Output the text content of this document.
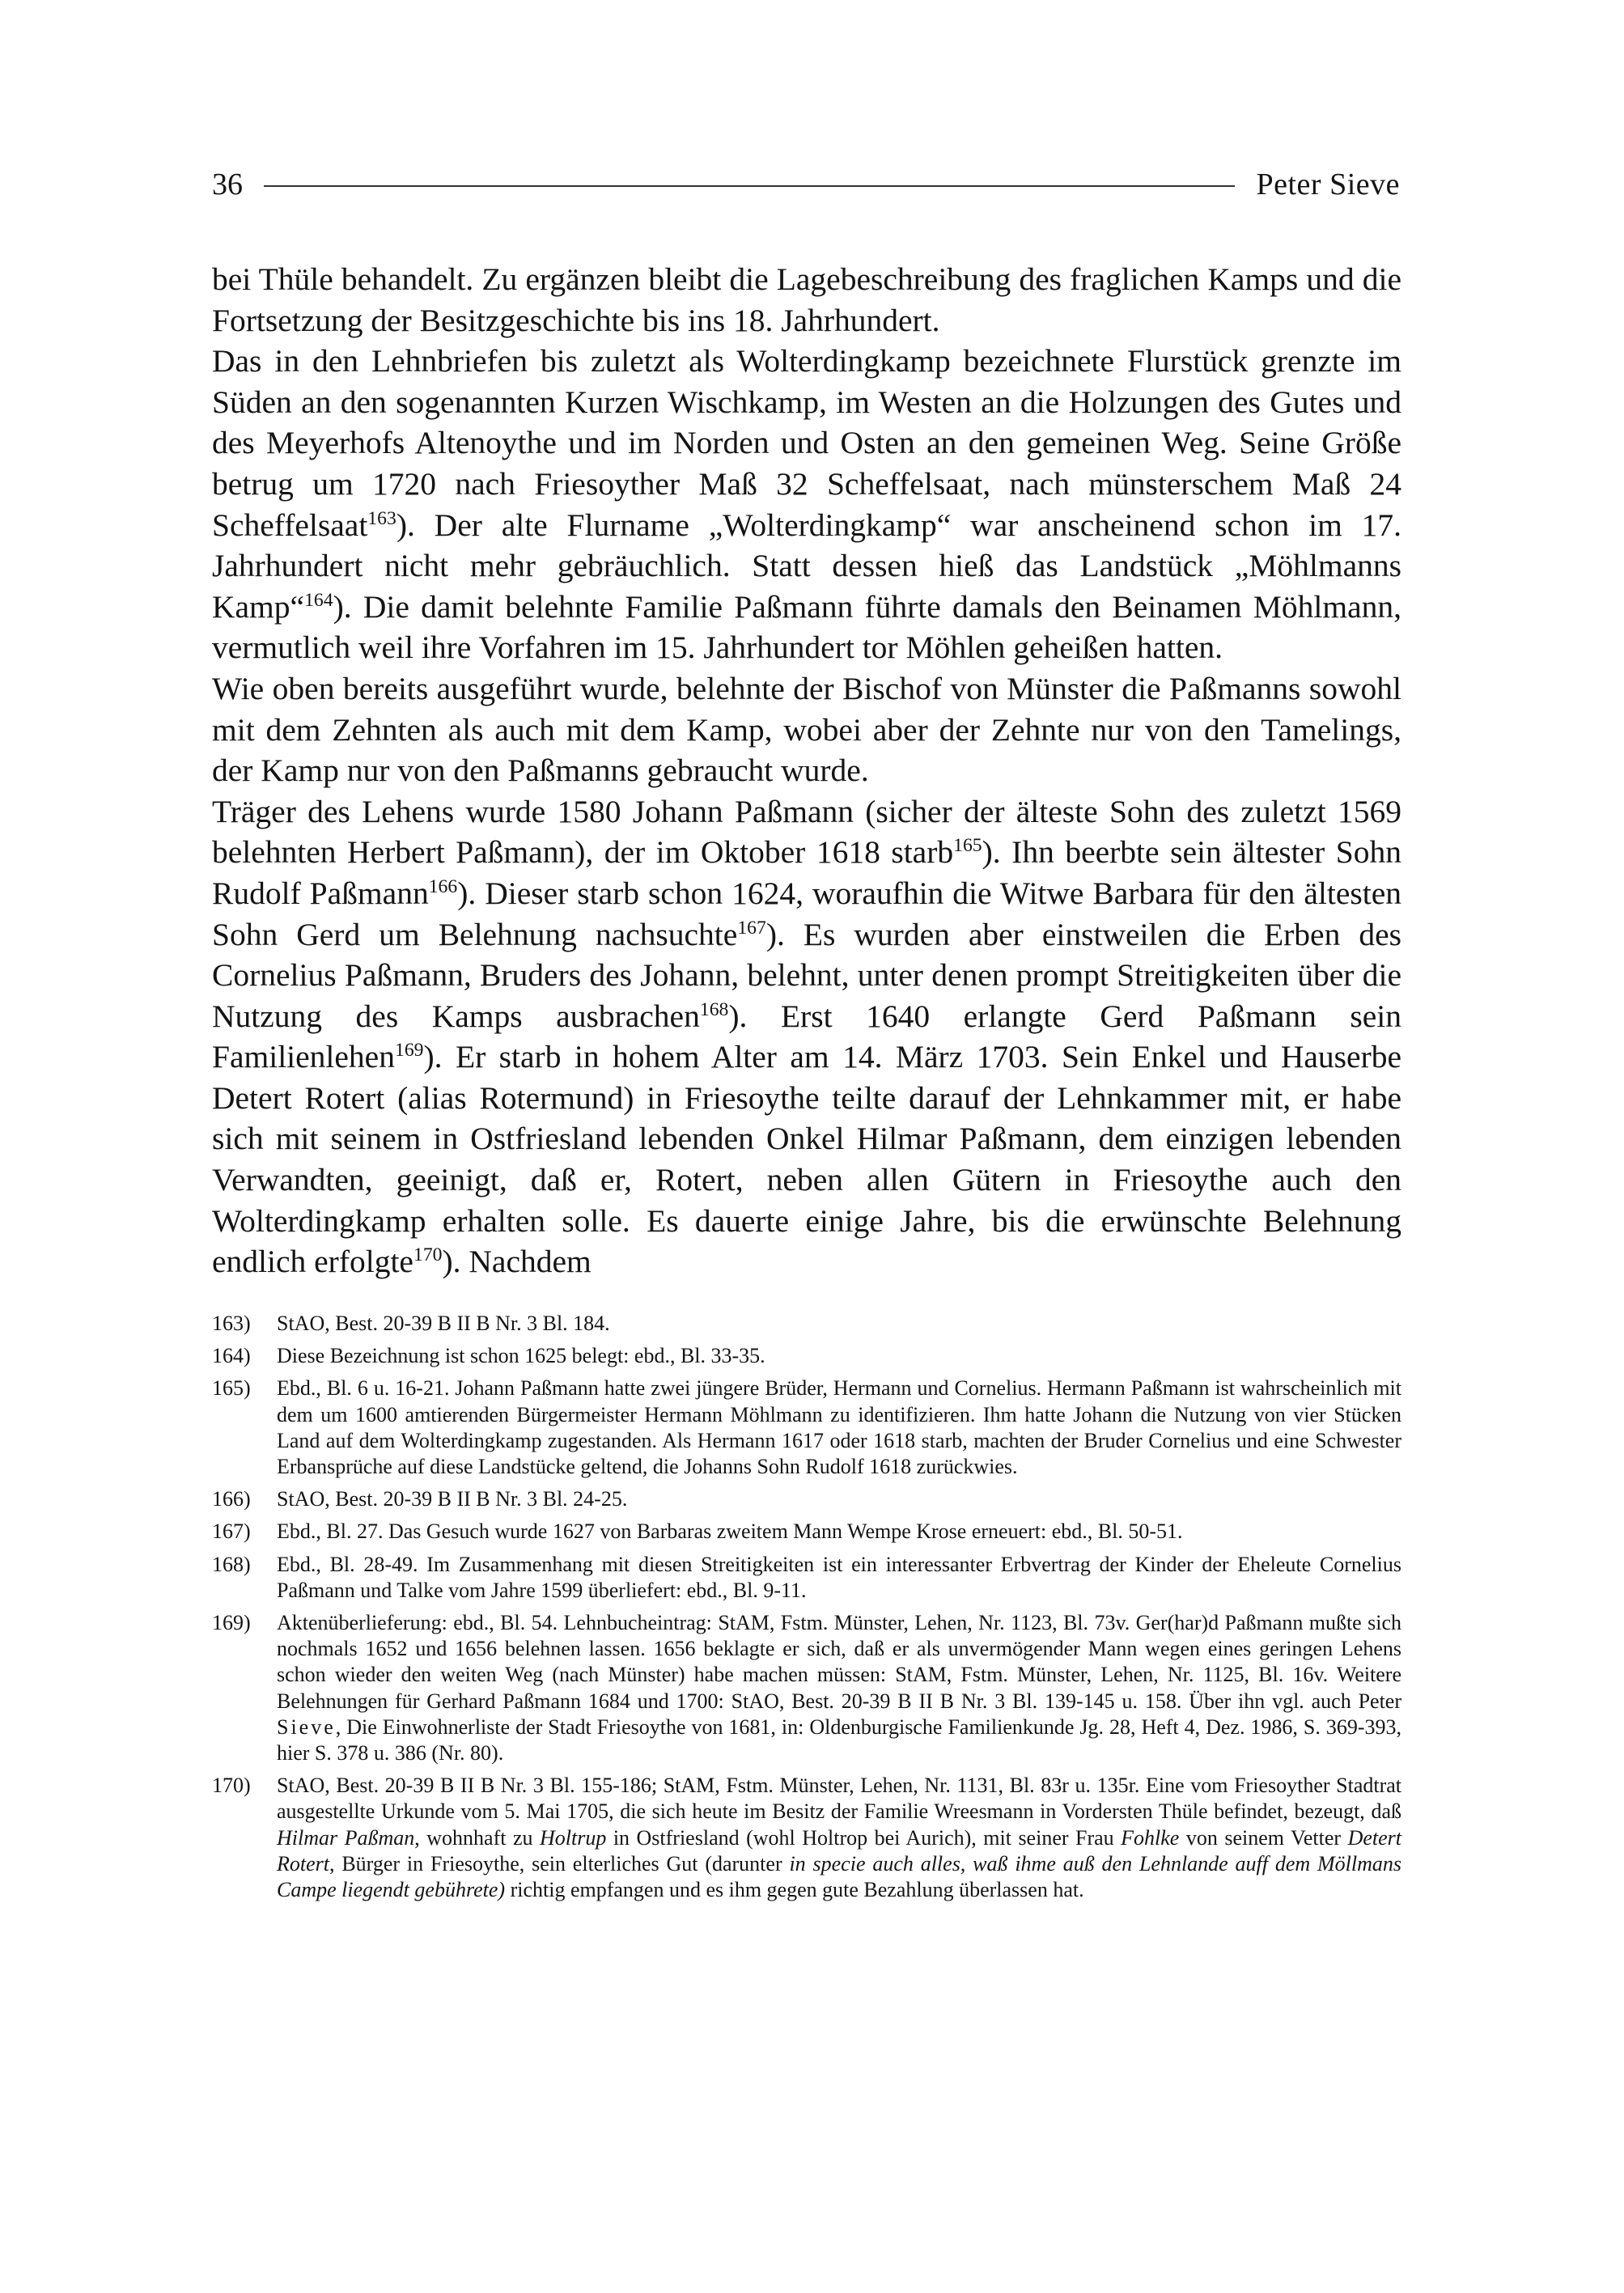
36	Peter Sieve

bei Thüle behandelt. Zu ergänzen bleibt die Lagebeschreibung des fraglichen Kamps und die Fortsetzung der Besitzgeschichte bis ins 18. Jahrhundert.

Das in den Lehnbriefen bis zuletzt als Wolterdingkamp bezeichnete Flurstück grenzte im Süden an den sogenannten Kurzen Wischkamp, im Westen an die Holzungen des Gutes und des Meyerhofs Altenoythe und im Norden und Osten an den gemeinen Weg. Seine Größe betrug um 1720 nach Friesoyther Maß 32 Scheffelsaat, nach münsterschem Maß 24 Scheffelsaat$^{163}$). Der alte Flurname „Wolterdingkamp“ war anscheinend schon im 17. Jahrhundert nicht mehr gebräuchlich. Statt dessen hieß das Landstück „Möhlmanns Kamp“$^{164}$). Die damit belehnte Familie Paßmann führte damals den Beinamen Möhlmann, vermutlich weil ihre Vorfahren im 15. Jahrhundert tor Möhlen geheißen hatten.

Wie oben bereits ausgeführt wurde, belehnte der Bischof von Münster die Paßmanns sowohl mit dem Zehnten als auch mit dem Kamp, wobei aber der Zehnte nur von den Tamelings, der Kamp nur von den Paßmanns gebraucht wurde.

Träger des Lehens wurde 1580 Johann Paßmann (sicher der älteste Sohn des zuletzt 1569 belehnten Herbert Paßmann), der im Oktober 1618 starb$^{165}$). Ihn beerbte sein ältester Sohn Rudolf Paßmann$^{166}$). Dieser starb schon 1624, woraufhin die Witwe Barbara für den ältesten Sohn Gerd um Belehnung nachsuchte$^{167}$). Es wurden aber einstweilen die Erben des Cornelius Paßmann, Bruders des Johann, belehnt, unter denen prompt Streitigkeiten über die Nutzung des Kamps ausbrachen$^{168}$). Erst 1640 erlangte Gerd Paßmann sein Familienlehen$^{169}$). Er starb in hohem Alter am 14. März 1703. Sein Enkel und Hauserbe Detert Rotert (alias Rotermund) in Friesoythe teilte darauf der Lehnkammer mit, er habe sich mit seinem in Ostfriesland lebenden Onkel Hilmar Paßmann, dem einzigen lebenden Verwandten, geeinigt, daß er, Rotert, neben allen Gütern in Friesoythe auch den Wolterdingkamp erhalten solle. Es dauerte einige Jahre, bis die erwünschte Belehnung endlich erfolgte$^{170}$). Nachdem

163)	StAO, Best. 20-39 B II B Nr. 3 Bl. 184.
164)	Diese Bezeichnung ist schon 1625 belegt: ebd., Bl. 33-35.
165)	Ebd., Bl. 6 u. 16-21. Johann Paßmann hatte zwei jüngere Brüder, Hermann und Cornelius. Hermann Paßmann ist wahrscheinlich mit dem um 1600 amtierenden Bürgermeister Hermann Möhlmann zu identifizieren. Ihm hatte Johann die Nutzung von vier Stücken Land auf dem Wolterdingkamp zugestanden. Als Hermann 1617 oder 1618 starb, machten der Bruder Cornelius und eine Schwester Erbansprüche auf diese Landstücke geltend, die Johanns Sohn Rudolf 1618 zurückwies.
166)	StAO, Best. 20-39 B II B Nr. 3 Bl. 24-25.
167)	Ebd., Bl. 27. Das Gesuch wurde 1627 von Barbaras zweitem Mann Wempe Krose erneuert: ebd., Bl. 50-51.
168)	Ebd., Bl. 28-49. Im Zusammenhang mit diesen Streitigkeiten ist ein interessanter Erbvertrag der Kinder der Eheleute Cornelius Paßmann und Talke vom Jahre 1599 überliefert: ebd., Bl. 9-11.
169)	Aktenüberlieferung: ebd., Bl. 54. Lehnbucheintrag: StAM, Fstm. Münster, Lehen, Nr. 1123, Bl. 73v. Ger(har)d Paßmann mußte sich nochmals 1652 und 1656 belehnen lassen. 1656 beklagte er sich, daß er als unvermögender Mann wegen eines geringen Lehens schon wieder den weiten Weg (nach Münster) habe machen müssen: StAM, Fstm. Münster, Lehen, Nr. 1125, Bl. 16v. Weitere Belehnungen für Gerhard Paßmann 1684 und 1700: StAO, Best. 20-39 B II B Nr. 3 Bl. 139-145 u. 158. Über ihn vgl. auch Peter Sieve, Die Einwohnerliste der Stadt Friesoythe von 1681, in: Oldenburgische Familienkunde Jg. 28, Heft 4, Dez. 1986, S. 369-393, hier S. 378 u. 386 (Nr. 80).
170)	StAO, Best. 20-39 B II B Nr. 3 Bl. 155-186; StAM, Fstm. Münster, Lehen, Nr. 1131, Bl. 83r u. 135r. Eine vom Friesoyther Stadtrat ausgestellte Urkunde vom 5. Mai 1705, die sich heute im Besitz der Familie Wreesmann in Vordersten Thüle befindet, bezeugt, daß Hilmar Paßman, wohnhaft zu Holtrup in Ostfriesland (wohl Holtrop bei Aurich), mit seiner Frau Fohlke von seinem Vetter Detert Rotert, Bürger in Friesoythe, sein elterliches Gut (darunter in specie auch alles, waß ihme auß den Lehnlande auff dem Möllmans Campe liegendt gebührete) richtig empfangen und es ihm gegen gute Bezahlung überlassen hat.
